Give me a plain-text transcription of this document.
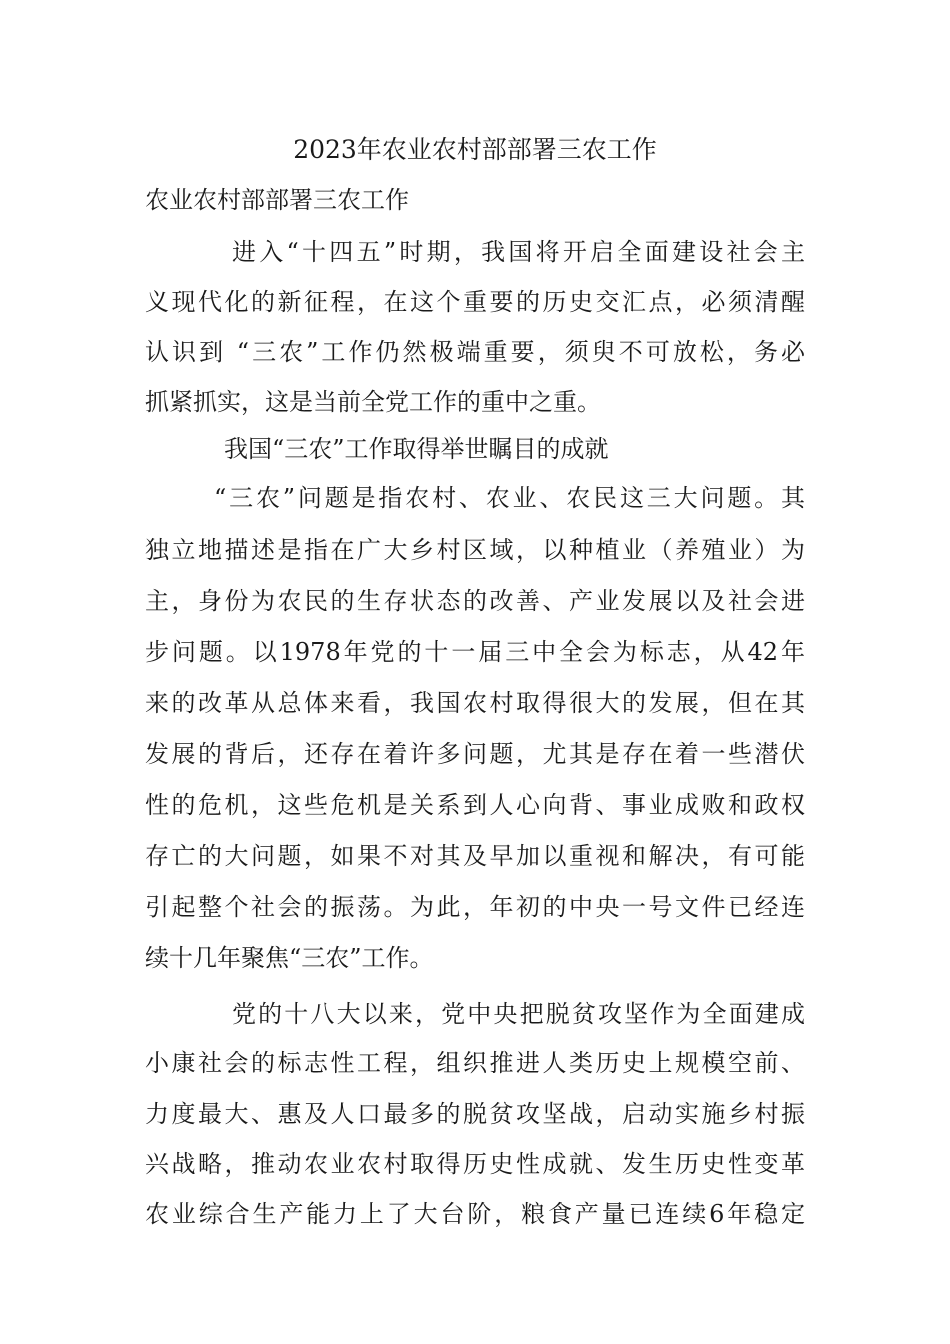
2023年农业农村部部署三农工作
农业农村部部署三农工作
进入“十四五”时期，我国将开启全面建设社会主
义现代化的新征程，在这个重要的历史交汇点，必须清醒
认识到 “三农”工作仍然极端重要，须臾不可放松，务必
抓紧抓实，这是当前全党工作的重中之重。
我国“三农”工作取得举世瞩目的成就
“三农”问题是指农村、农业、农民这三大问题。其
独立地描述是指在广大乡村区域，以种植业（养殖业）为
主，身份为农民的生存状态的改善、产业发展以及社会进
步问题。以1978年党的十一届三中全会为标志，从42年
来的改革从总体来看，我国农村取得很大的发展，但在其
发展的背后，还存在着许多问题，尤其是存在着一些潜伏
性的危机，这些危机是关系到人心向背、事业成败和政权
存亡的大问题，如果不对其及早加以重视和解决，有可能
引起整个社会的振荡。为此，年初的中央一号文件已经连
续十几年聚焦“三农”工作。
党的十八大以来，党中央把脱贫攻坚作为全面建成
小康社会的标志性工程，组织推进人类历史上规模空前、
力度最大、惠及人口最多的脱贫攻坚战，启动实施乡村振
兴战略，推动农业农村取得历史性成就、发生历史性变革
农业综合生产能力上了大台阶，粮食产量已连续6年稳定
